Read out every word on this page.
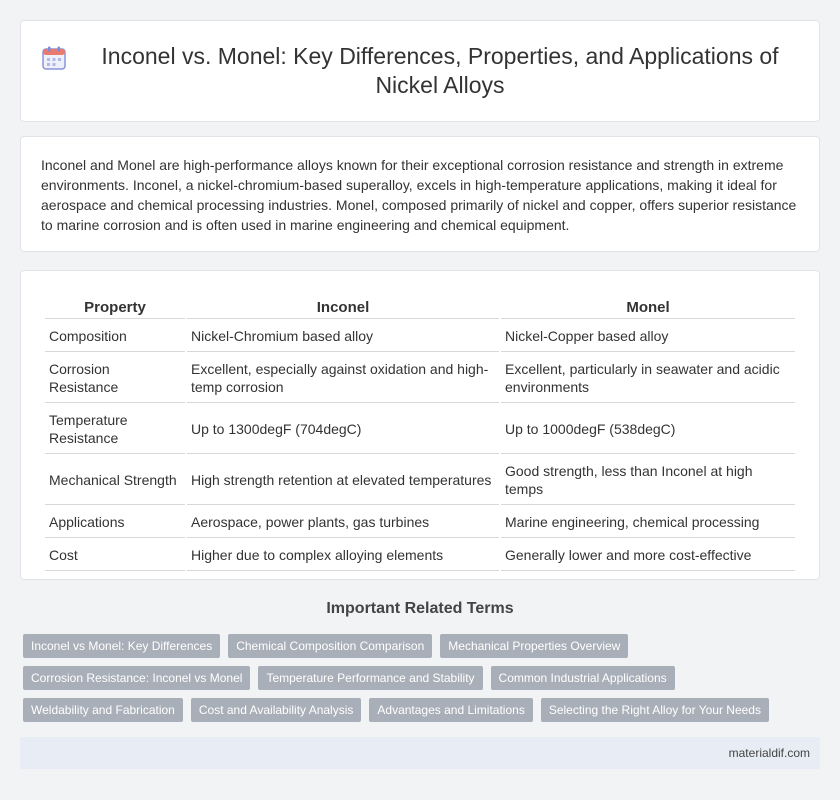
Inconel vs. Monel: Key Differences, Properties, and Applications of Nickel Alloys

Inconel and Monel are high-performance alloys known for their exceptional corrosion resistance and strength in extreme environments. Inconel, a nickel-chromium-based superalloy, excels in high-temperature applications, making it ideal for aerospace and chemical processing industries. Monel, composed primarily of nickel and copper, offers superior resistance to marine corrosion and is often used in marine engineering and chemical equipment.

Property	Inconel	Monel
Composition	Nickel-Chromium based alloy	Nickel-Copper based alloy
Corrosion Resistance	Excellent, especially against oxidation and high-temp corrosion	Excellent, particularly in seawater and acidic environments
Temperature Resistance	Up to 1300degF (704degC)	Up to 1000degF (538degC)
Mechanical Strength	High strength retention at elevated temperatures	Good strength, less than Inconel at high temps
Applications	Aerospace, power plants, gas turbines	Marine engineering, chemical processing
Cost	Higher due to complex alloying elements	Generally lower and more cost-effective
Important Related Terms
Inconel vs Monel: Key Differences	Chemical Composition Comparison	Mechanical Properties Overview
Corrosion Resistance: Inconel vs Monel	Temperature Performance and Stability	Common Industrial Applications
Weldability and Fabrication	Cost and Availability Analysis	Advantages and Limitations	Selecting the Right Alloy for Your Needs
materialdif.com
